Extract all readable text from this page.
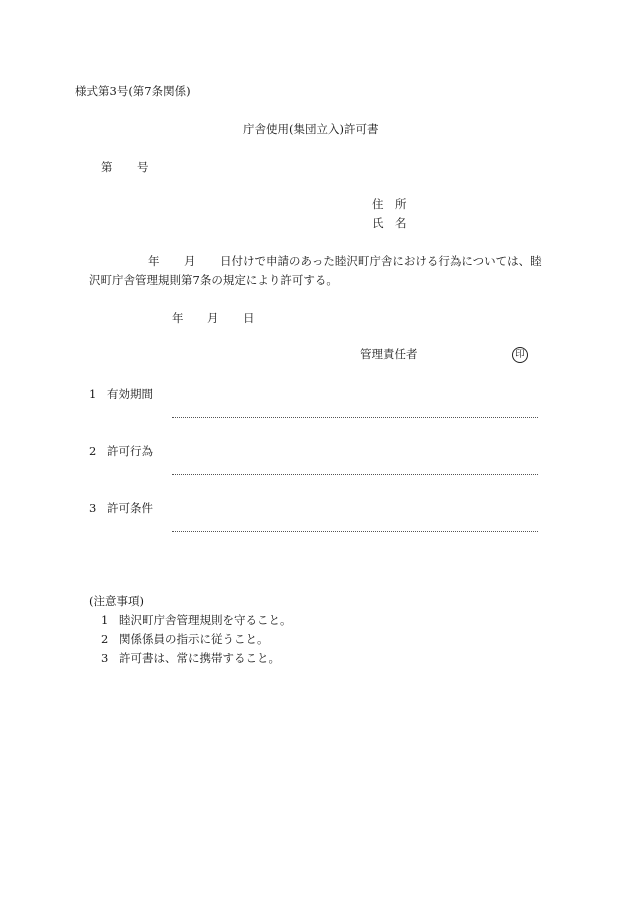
様式第3号(第7条関係)
庁舎使用(集団立入)許可書
第 号
住　所
氏　名
年 月 日付けで申請のあった睦沢町庁舎における行為については、睦
沢町庁舎管理規則第7条の規定により許可する。
年 月 日
管理責任者	印
1 有効期間
2 許可行為
3 許可条件
(注意事項)
1 睦沢町庁舎管理規則を守ること。
2 関係係員の指示に従うこと。
3 許可書は、常に携帯すること。
